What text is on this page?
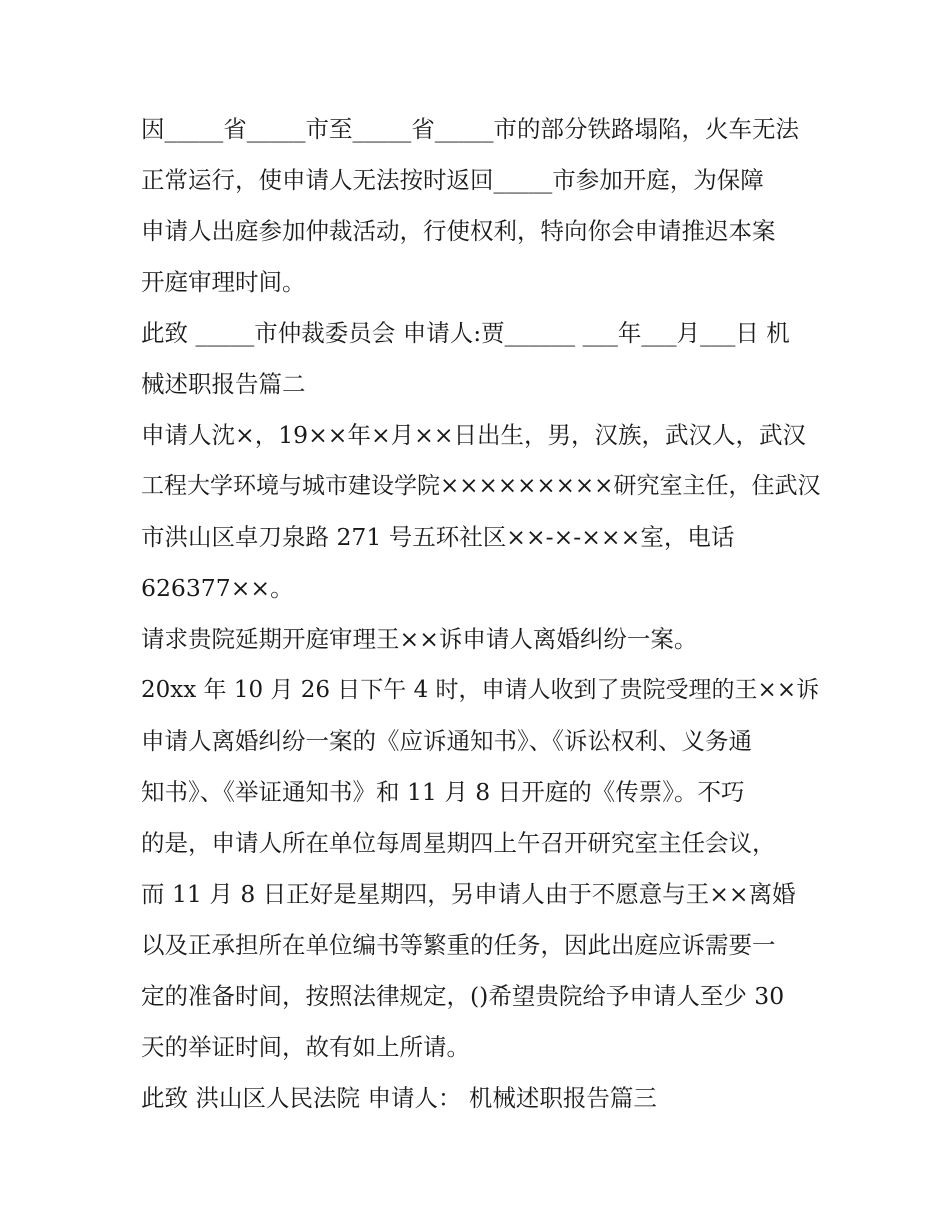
因_____省_____市至_____省_____市的部分铁路塌陷，火车无法
正常运行，使申请人无法按时返回_____市参加开庭，为保障
申请人出庭参加仲裁活动，行使权利，特向你会申请推迟本案
开庭审理时间。
此致 _____市仲裁委员会 申请人:贾______ ___年___月___日 机
械述职报告篇二
申请人沈×，19××年×月××日出生，男，汉族，武汉人，武汉
工程大学环境与城市建设学院×××××××××研究室主任，住武汉
市洪山区卓刀泉路 271 号五环社区××-×-×××室，电话
626377××。
请求贵院延期开庭审理王××诉申请人离婚纠纷一案。
20xx 年 10 月 26 日下午 4 时，申请人收到了贵院受理的王××诉
申请人离婚纠纷一案的《应诉通知书》、《诉讼权利、义务通
知书》、《举证通知书》和 11 月 8 日开庭的《传票》。不巧
的是，申请人所在单位每周星期四上午召开研究室主任会议，
而 11 月 8 日正好是星期四，另申请人由于不愿意与王××离婚
以及正承担所在单位编书等繁重的任务，因此出庭应诉需要一
定的准备时间，按照法律规定，()希望贵院给予申请人至少 30
天的举证时间，故有如上所请。
此致 洪山区人民法院 申请人： 机械述职报告篇三
